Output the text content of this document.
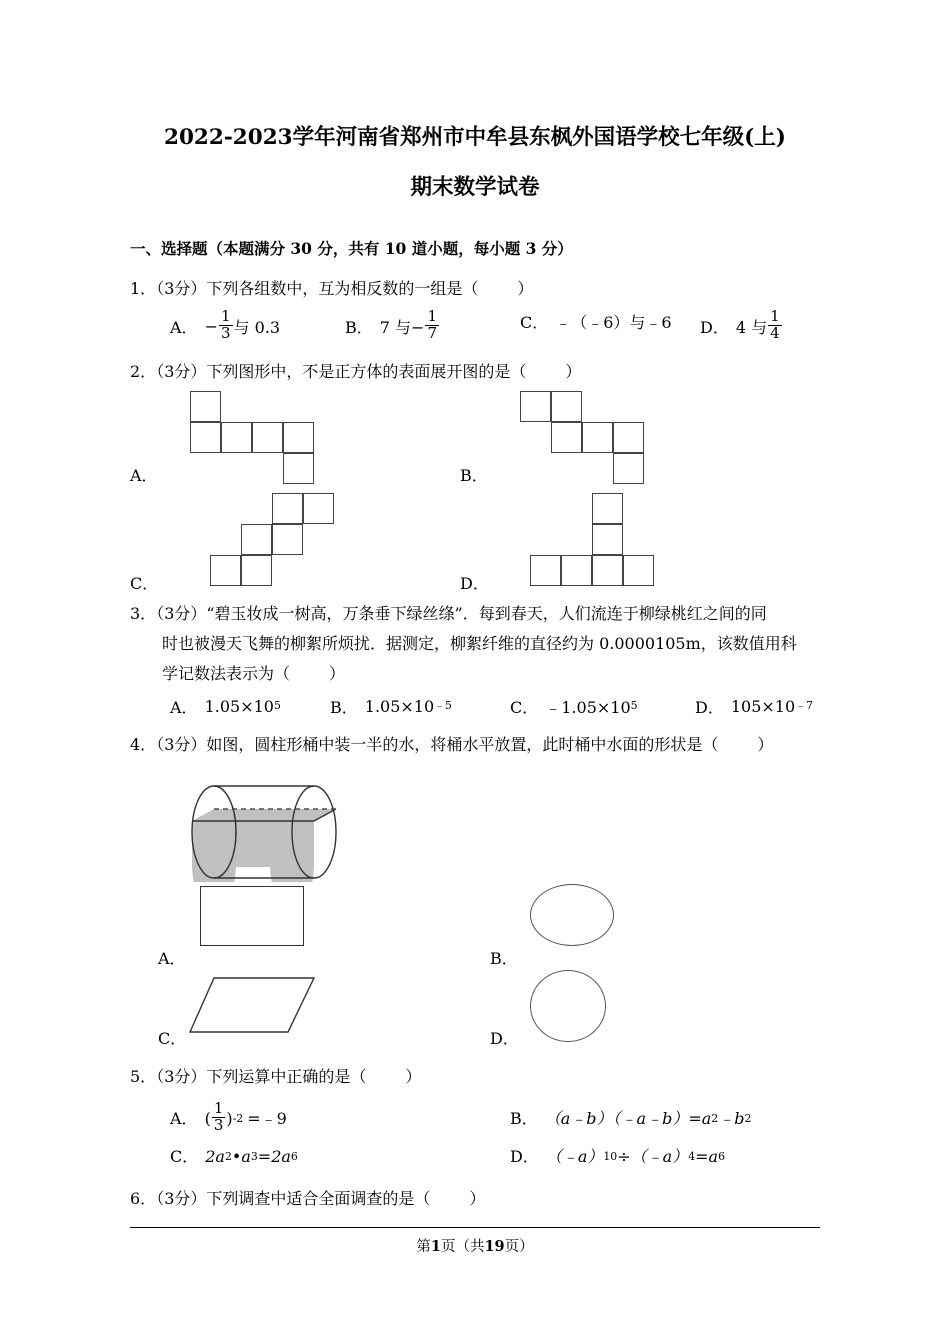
2022-2023学年河南省郑州市中牟县东枫外国语学校七年级(上)
期末数学试卷
一、选择题（本题满分 30 分，共有 10 道小题，每小题 3 分）
1．（3分）下列各组数中，互为相反数的一组是（ ）
A． − $\frac{1}{3}$ 与 0.3	B． 7 与− $\frac{1}{7}$	C． ﹣（﹣6）与﹣6 D． 4 与 $\frac{1}{4}$
2．（3分）下列图形中，不是正方体的表面展开图的是（ ）
A．	B．
C．	D．
3．（3分）“碧玉妆成一树高，万条垂下绿丝绦”．每到春天，人们流连于柳绿桃红之间的同
时也被漫天飞舞的柳絮所烦扰．据测定，柳絮纤维的直径约为 0.0000105m，该数值用科
学记数法表示为（ ）
A． 1.05×10 5	B． 1.05×10 ﹣5	C． ﹣1.05×10 5	D． 105×10 ﹣7
4．（3分）如图，圆柱形桶中装一半的水，将桶水平放置，此时桶中水面的形状是（ ）
A．	B．
C．	D．
5．（3分）下列运算中正确的是（ ）
A． ( $\frac{1}{3}$ ) -2 =﹣9	B． （a﹣b）（﹣a﹣b）=a 2 ﹣b 2
C． 2a 2 •a 3 =2a 6	D． （﹣a） 10 ÷（﹣a） 4 =a 6
6．（3分）下列调查中适合全面调查的是（ ）
第1页（共19页）
